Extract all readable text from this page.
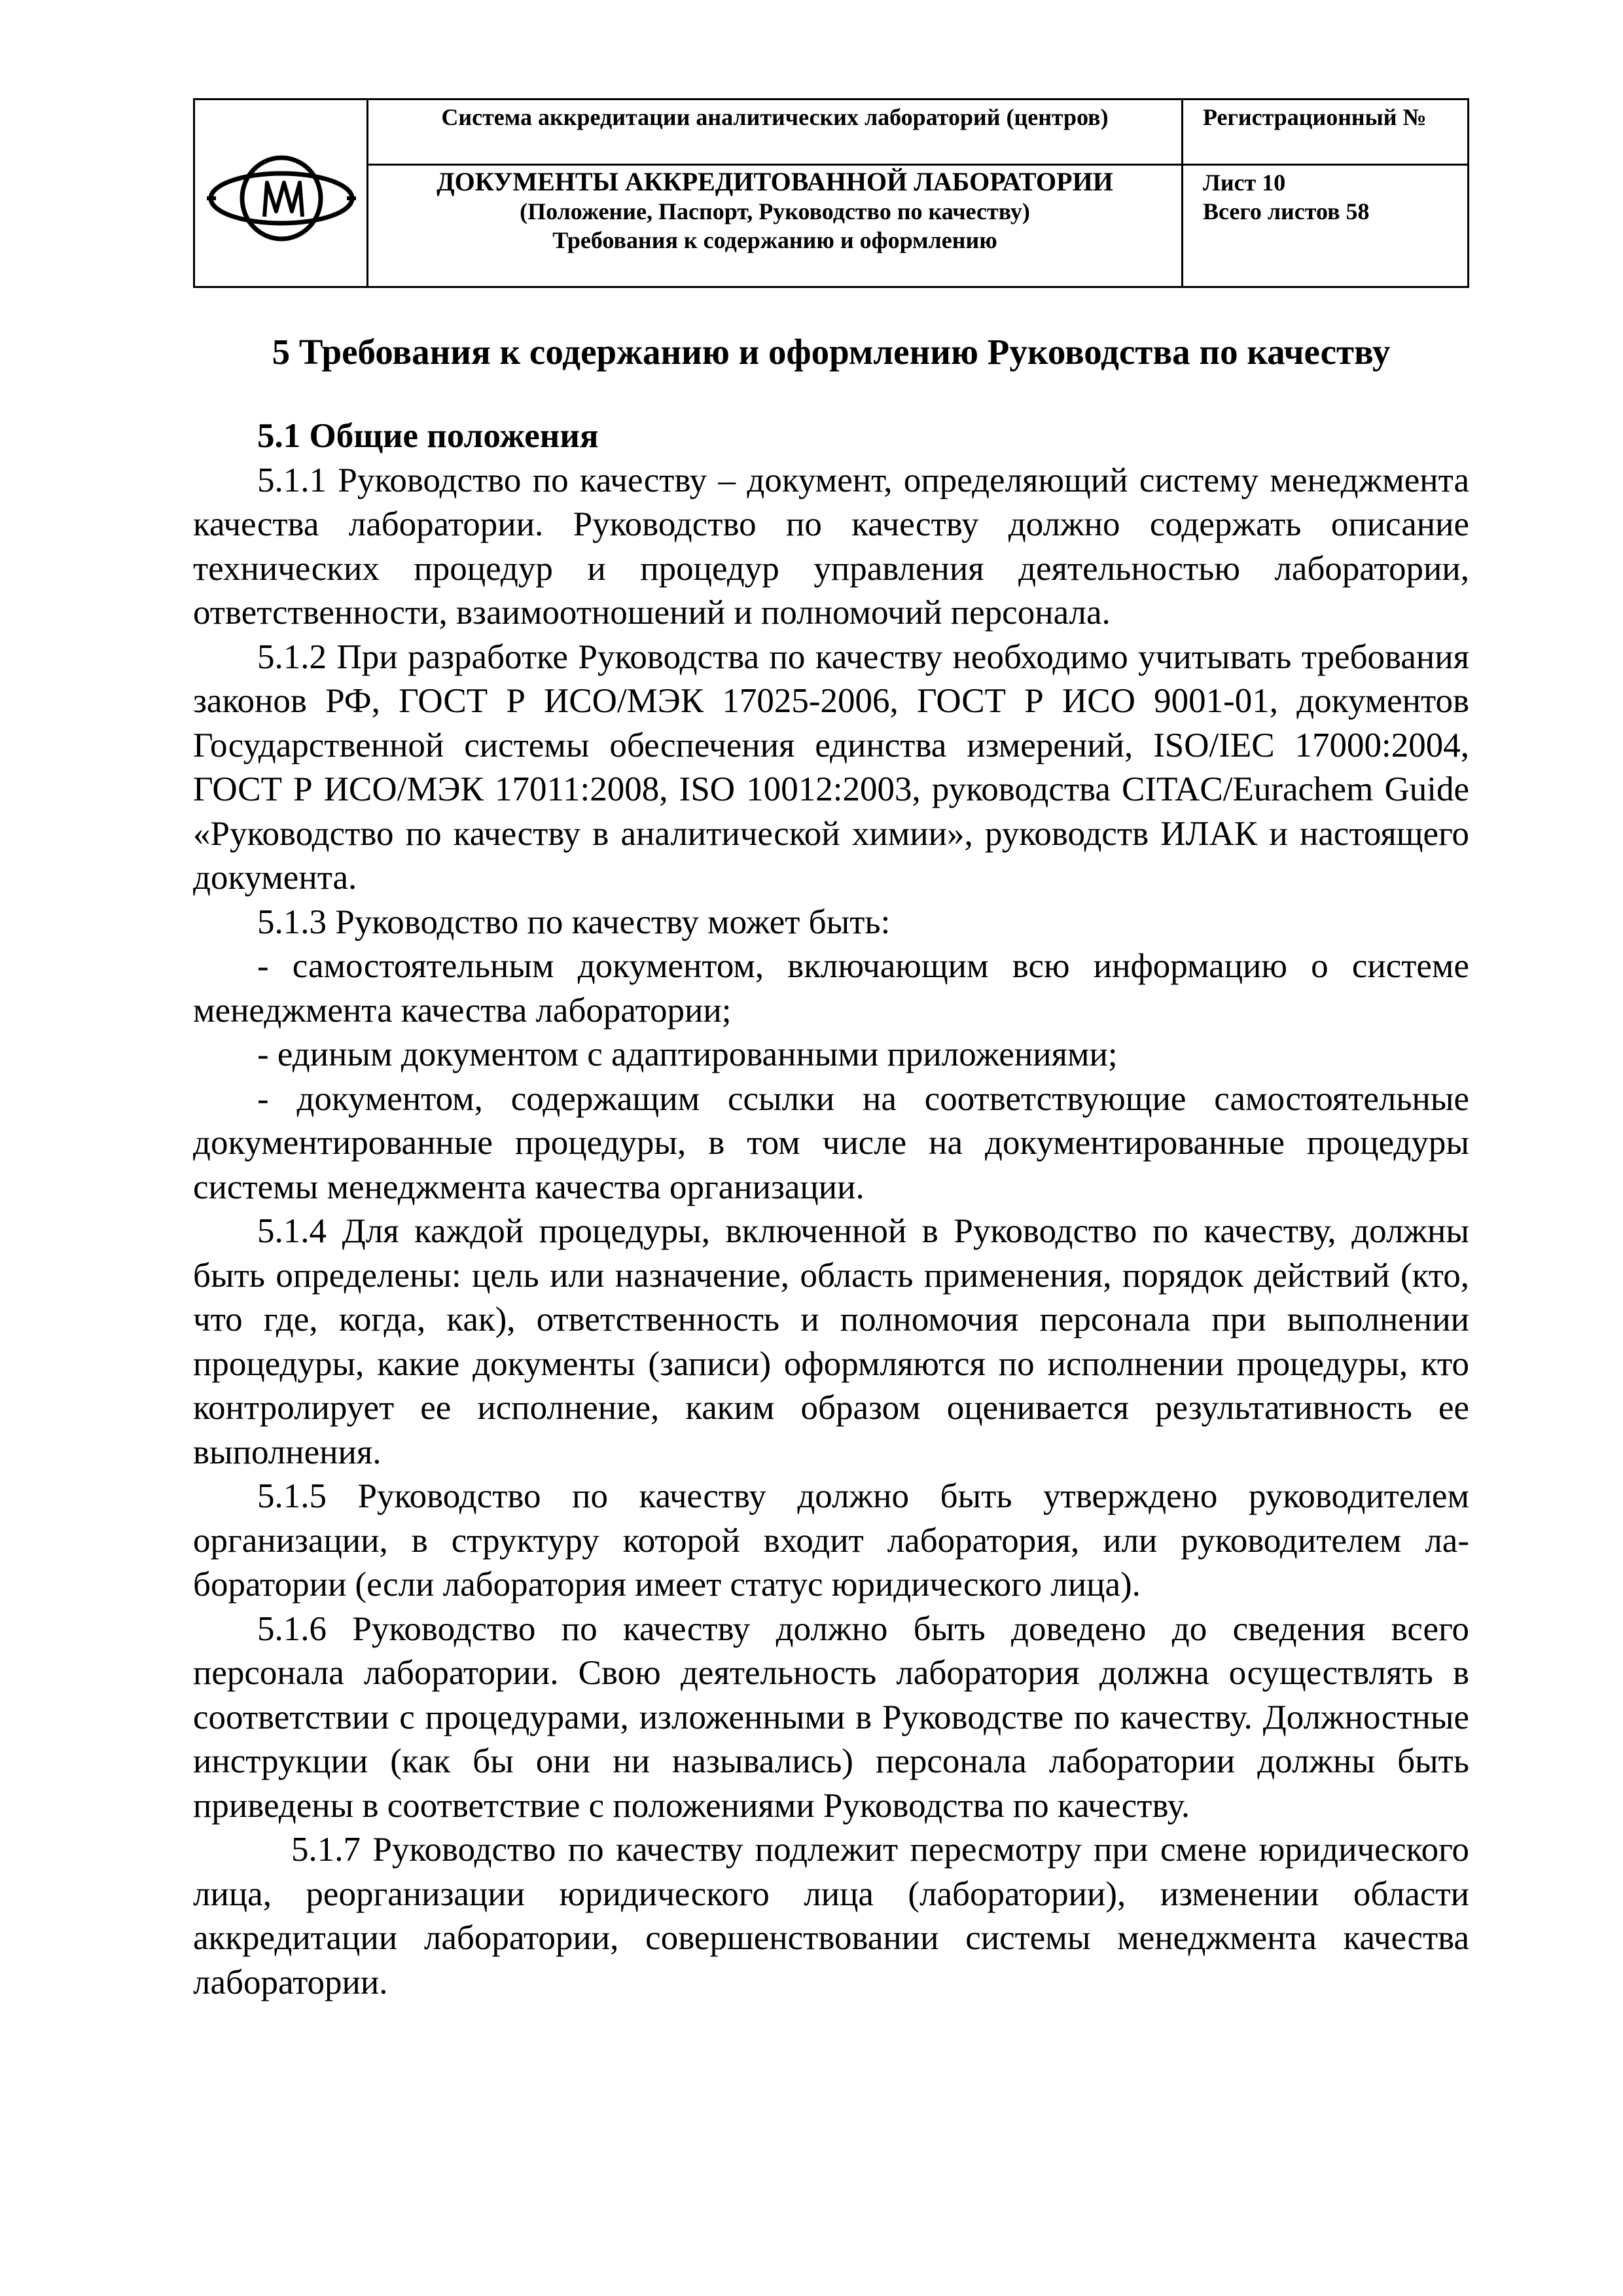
Система аккредитации аналитических лабораторий (центров)
ДОКУМЕНТЫ АККРЕДИТОВАННОЙ ЛАБОРАТОРИИ
(Положение, Паспорт, Руководство по качеству)
Требования к содержанию и оформлению
Регистрационный №
Лист 10
Всего листов 58
5 Требования к содержанию и оформлению Руководства по качеству
5.1 Общие положения

5.1.1 Руководство по качеству – документ, определяющий систему менеджмента качества лаборатории. Руководство по качеству должно содержать описание технических процедур и процедур управления деятельностью лаборатории, ответственности, взаимоотношений и полномочий персонала.

5.1.2 При разработке Руководства по качеству необходимо учитывать требования законов РФ, ГОСТ Р ИСО/МЭК 17025-2006, ГОСТ Р ИСО 9001-01, документов Государственной системы обеспечения единства измерений, ISO/IEC 17000:2004, ГОСТ Р ИСО/МЭК 17011:2008, ISO 10012:2003, руководства CITAC/Eurachem Guide «Руководство по качеству в аналитической химии», руководств ИЛАК и настоящего документа.

5.1.3 Руководство по качеству может быть:

- самостоятельным документом, включающим всю информацию о системе менеджмента качества лаборатории;

- единым документом с адаптированными приложениями;

- документом, содержащим ссылки на соответствующие самостоятельные документированные процедуры, в том числе на документированные процедуры системы менеджмента качества организации.

5.1.4 Для каждой процедуры, включенной в Руководство по качеству, должны быть определены: цель или назначение, область применения, порядок действий (кто, что где, когда, как), ответственность и полномочия персонала при выполнении процедуры, какие документы (записи) оформляются по исполнении процедуры, кто контролирует ее исполнение, каким образом оценивается результативность ее выполнения.

5.1.5 Руководство по качеству должно быть утверждено руководителем организации, в структуру которой входит лаборатория, или руководителем лаборатории (если лаборатория имеет статус юридического лица).

5.1.6 Руководство по качеству должно быть доведено до сведения всего персонала лаборатории. Свою деятельность лаборатория должна осуществлять в соответствии с процедурами, изложенными в Руководстве по качеству. Должностные инструкции (как бы они ни назывались) персонала лаборатории должны быть приведены в соответствие с положениями Руководства по качеству.

5.1.7 Руководство по качеству подлежит пересмотру при смене юридического лица, реорганизации юридического лица (лаборатории), изменении области аккредитации лаборатории, совершенствовании системы менеджмента качества лаборатории.
